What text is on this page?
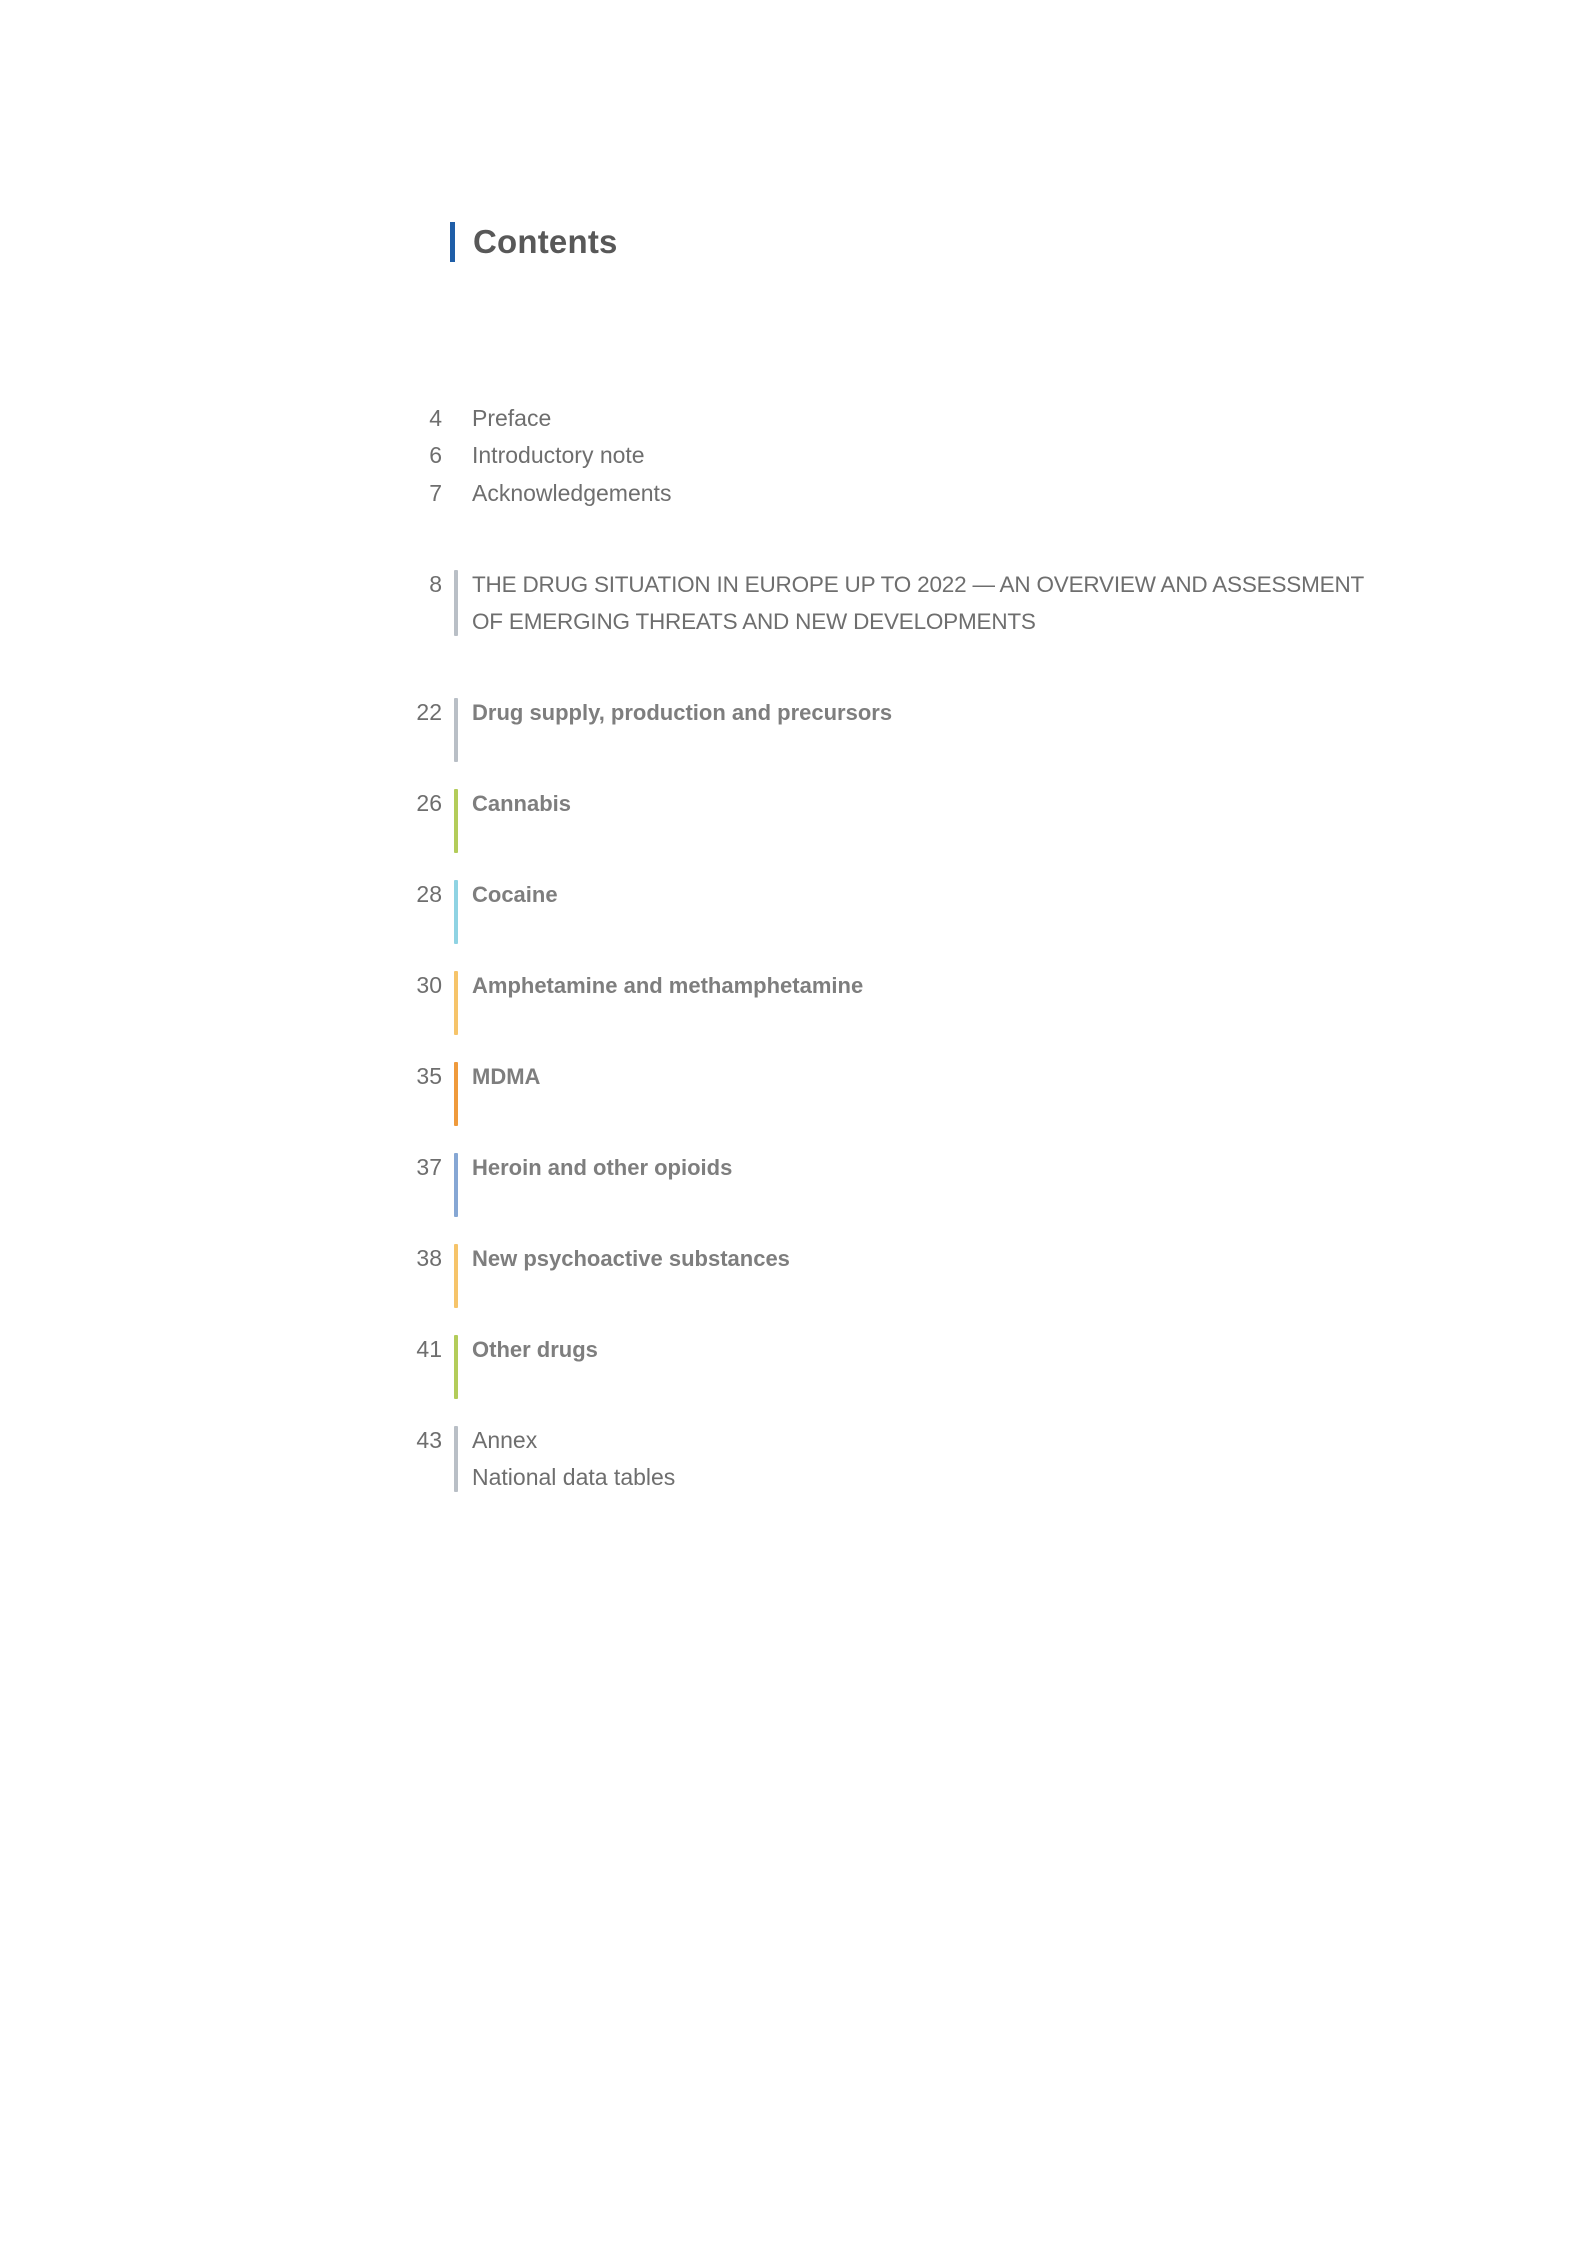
Contents
4 Preface
6 Introductory note
7 Acknowledgements
8 THE DRUG SITUATION IN EUROPE UP TO 2022 — AN OVERVIEW AND ASSESSMENT
OF EMERGING THREATS AND NEW DEVELOPMENTS
22 Drug supply, production and precursors
26 Cannabis
28 Cocaine
30 Amphetamine and methamphetamine
35 MDMA
37 Heroin and other opioids
38 New psychoactive substances
41 Other drugs
43 Annex
National data tables
